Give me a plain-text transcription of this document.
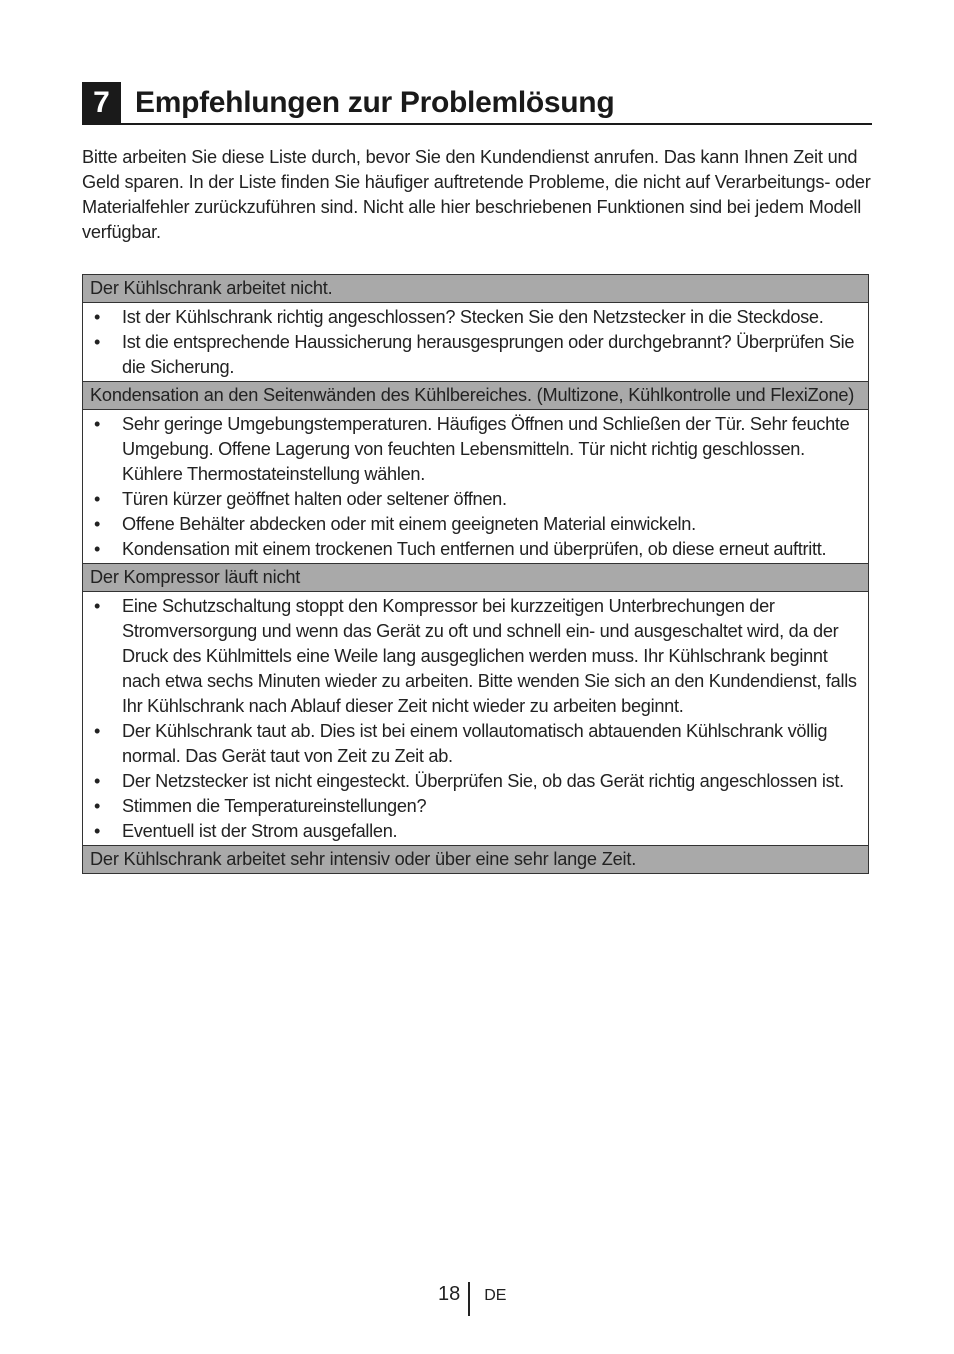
7 Empfehlungen zur Problemlösung

Bitte arbeiten Sie diese Liste durch, bevor Sie den Kundendienst anrufen. Das kann Ihnen Zeit und Geld sparen. In der Liste finden Sie häufiger auftretende Probleme, die nicht auf Verarbeitungs- oder Materialfehler zurückzuführen sind. Nicht alle hier beschriebenen Funktionen sind bei jedem Modell verfügbar.

Der Kühlschrank arbeitet nicht.
• Ist der Kühlschrank richtig angeschlossen? Stecken Sie den Netzstecker in die Steckdose.
• Ist die entsprechende Haussicherung herausgesprungen oder durchgebrannt? Überprüfen Sie die Sicherung.
Kondensation an den Seitenwänden des Kühlbereiches. (Multizone, Kühlkontrolle und FlexiZone)
• Sehr geringe Umgebungstemperaturen. Häufiges Öffnen und Schließen der Tür. Sehr feuchte Umgebung. Offene Lagerung von feuchten Lebensmitteln. Tür nicht richtig geschlossen. Kühlere Thermostateinstellung wählen.
• Türen kürzer geöffnet halten oder seltener öffnen.
• Offene Behälter abdecken oder mit einem geeigneten Material einwickeln.
• Kondensation mit einem trockenen Tuch entfernen und überprüfen, ob diese erneut auftritt.
Der Kompressor läuft nicht
• Eine Schutzschaltung stoppt den Kompressor bei kurzzeitigen Unterbrechungen der Stromversorgung und wenn das Gerät zu oft und schnell ein- und ausgeschaltet wird, da der Druck des Kühlmittels eine Weile lang ausgeglichen werden muss. Ihr Kühlschrank beginnt nach etwa sechs Minuten wieder zu arbeiten. Bitte wenden Sie sich an den Kundendienst, falls Ihr Kühlschrank nach Ablauf dieser Zeit nicht wieder zu arbeiten beginnt.
• Der Kühlschrank taut ab. Dies ist bei einem vollautomatisch abtauenden Kühlschrank völlig normal. Das Gerät taut von Zeit zu Zeit ab.
• Der Netzstecker ist nicht eingesteckt. Überprüfen Sie, ob das Gerät richtig angeschlossen ist.
• Stimmen die Temperatureinstellungen?
• Eventuell ist der Strom ausgefallen.
Der Kühlschrank arbeitet sehr intensiv oder über eine sehr lange Zeit.
18	DE
